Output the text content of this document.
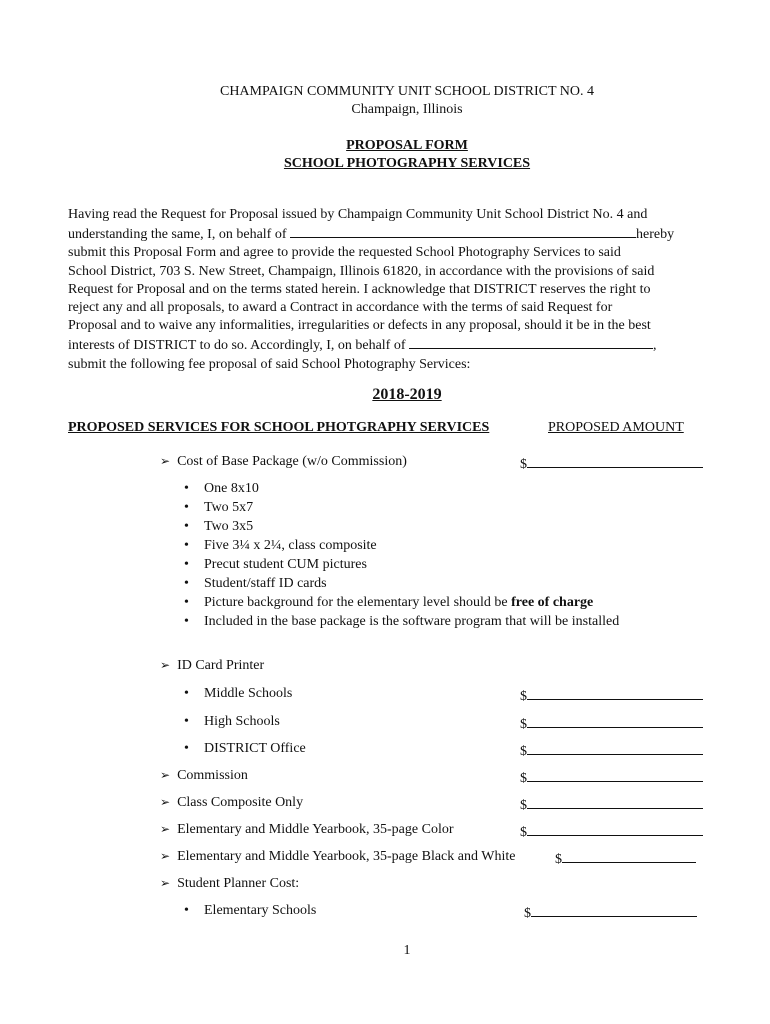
CHAMPAIGN COMMUNITY UNIT SCHOOL DISTRICT NO. 4
Champaign, Illinois
PROPOSAL FORM
SCHOOL PHOTOGRAPHY SERVICES
Having read the Request for Proposal issued by Champaign Community Unit School District No. 4 and
understanding the same, I, on behalf of	hereby
submit this Proposal Form and agree to provide the requested School Photography Services to said
School District, 703 S. New Street, Champaign, Illinois 61820, in accordance with the provisions of said
Request for Proposal and on the terms stated herein. I acknowledge that DISTRICT reserves the right to
reject any and all proposals, to award a Contract in accordance with the terms of said Request for
Proposal and to waive any informalities, irregularities or defects in any proposal, should it be in the best
interests of DISTRICT to do so. Accordingly, I, on behalf of	,
submit the following fee proposal of said School Photography Services:
2018-2019
PROPOSED SERVICES FOR SCHOOL PHOTGRAPHY SERVICES	PROPOSED AMOUNT
➢ Cost of Base Package (w/o Commission)	$
• One 8x10
• Two 5x7
• Two 3x5
• Five 3¼ x 2¼, class composite
• Precut student CUM pictures
• Student/staff ID cards
• Picture background for the elementary level should be free of charge
• Included in the base package is the software program that will be installed
➢ ID Card Printer
• Middle Schools	$
• High Schools	$
• DISTRICT Office	$
➢ Commission	$
➢ Class Composite Only	$
➢ Elementary and Middle Yearbook, 35-page Color	$
➢ Elementary and Middle Yearbook, 35-page Black and White	$
➢ Student Planner Cost:
• Elementary Schools	$
1
